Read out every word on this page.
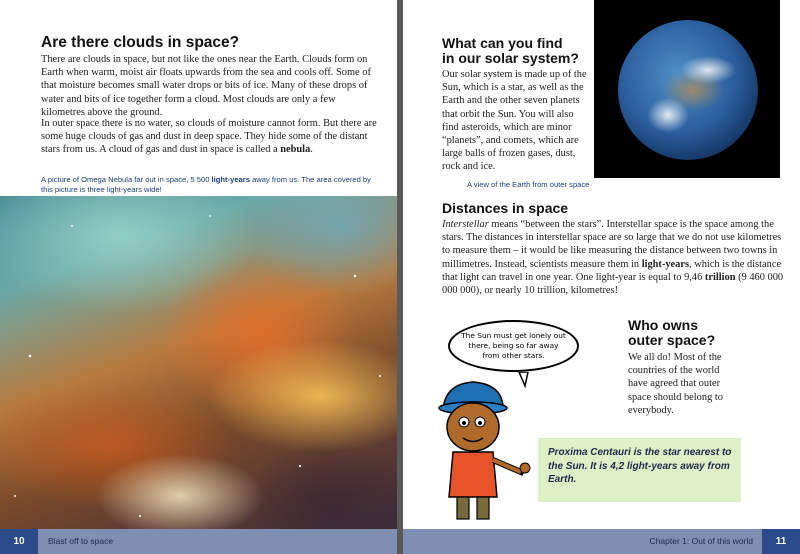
Are there clouds in space?

There are clouds in space, but not like the ones near the Earth. Clouds form on Earth when warm, moist air floats upwards from the sea and cools off. Some of that moisture becomes small water drops or bits of ice. Many of these drops of water and bits of ice together form a cloud. Most clouds are only a few kilometres above the ground.

In outer space there is no water, so clouds of moisture cannot form. But there are some huge clouds of gas and dust in deep space. They hide some of the distant stars from us. A cloud of gas and dust in space is called a nebula.

A picture of Omega Nebula far out in space, 5 500 light-years away from us. The area covered by this picture is three light-years wide!

10	Blast off to space
What can you find
in our solar system?

Our solar system is made up of the Sun, which is a star, as well as the Earth and the other seven planets that orbit the Sun. You will also find asteroids, which are minor “planets”, and comets, which are large balls of frozen gases, dust, rock and ice.

A view of the Earth from outer space

Distances in space

Interstellar means “between the stars”. Interstellar space is the space among the stars. The distances in interstellar space are so large that we do not use kilometres to measure them – it would be like measuring the distance between two towns in millimetres. Instead, scientists measure them in light-years, which is the distance that light can travel in one year. One light-year is equal to 9,46 trillion (9 460 000 000 000), or nearly 10 trillion, kilometres!

The Sun must get lonely out there, being so far away from other stars.
Who owns
outer space?

We all do! Most of the countries of the world have agreed that outer space should belong to everybody.

Proxima Centauri is the star nearest to the Sun. It is 4,2 light-years away from Earth.
Chapter 1: Out of this world	11
